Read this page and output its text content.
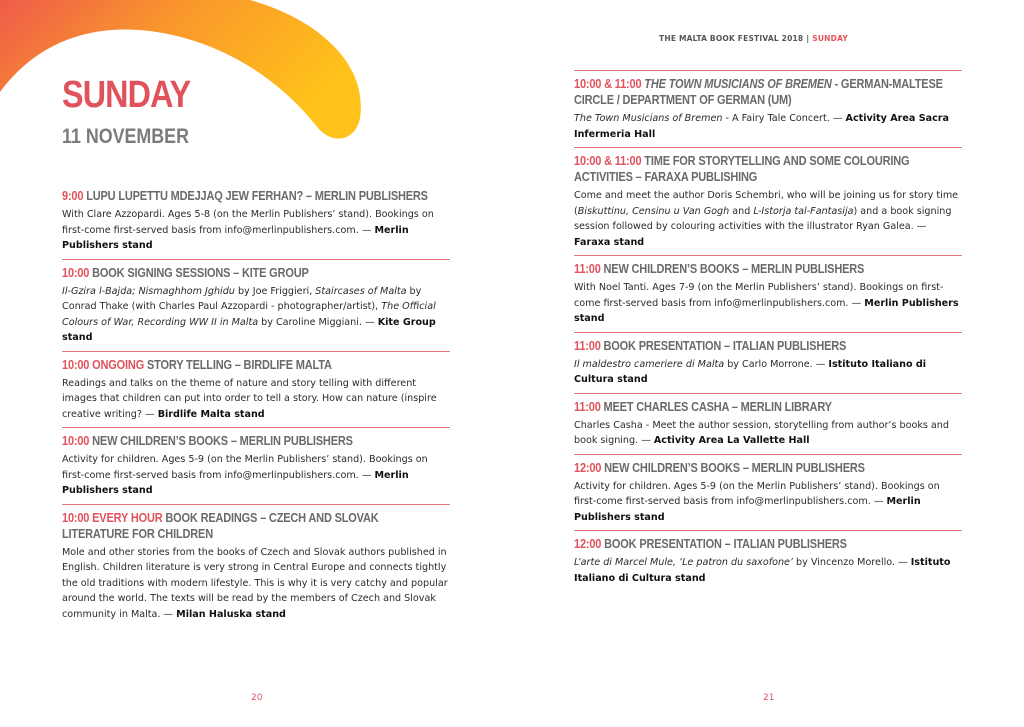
SUNDAY
11 NOVEMBER
9:00 LUPU LUPETTU MDEJJAQ JEW FERHAN? – MERLIN PUBLISHERS
With Clare Azzopardi. Ages 5-8 (on the Merlin Publishers’ stand). Bookings on first-come first-served basis from info@merlinpublishers.com. — Merlin Publishers stand
10:00 BOOK SIGNING SESSIONS – KITE GROUP
Il-Gzira l-Bajda; Nismaghhom Jghidu by Joe Friggieri, Staircases of Malta by Conrad Thake (with Charles Paul Azzopardi - photographer/artist), The Official Colours of War, Recording WW II in Malta by Caroline Miggiani. — Kite Group stand
10:00 ONGOING STORY TELLING – BIRDLIFE MALTA
Readings and talks on the theme of nature and story telling with different images that children can put into order to tell a story. How can nature (inspire creative writing? — Birdlife Malta stand
10:00 NEW CHILDREN’S BOOKS – MERLIN PUBLISHERS
Activity for children. Ages 5-9 (on the Merlin Publishers’ stand). Bookings on first-come first-served basis from info@merlinpublishers.com. — Merlin Publishers stand
10:00 EVERY HOUR BOOK READINGS – CZECH AND SLOVAK LITERATURE FOR CHILDREN
Mole and other stories from the books of Czech and Slovak authors published in English. Children literature is very strong in Central Europe and connects tightly the old traditions with modern lifestyle. This is why it is very catchy and popular around the world. The texts will be read by the members of Czech and Slovak community in Malta. — Milan Haluska stand
20
THE MALTA BOOK FESTIVAL 2018 | SUNDAY
10:00 & 11:00 THE TOWN MUSICIANS OF BREMEN - GERMAN-MALTESE CIRCLE / DEPARTMENT OF GERMAN (UM)
The Town Musicians of Bremen - A Fairy Tale Concert. — Activity Area Sacra Infermeria Hall
10:00 & 11:00 TIME FOR STORYTELLING AND SOME COLOURING ACTIVITIES – FARAXA PUBLISHING
Come and meet the author Doris Schembri, who will be joining us for story time (Biskuttinu, Censinu u Van Gogh and L-Istorja tal-Fantasija) and a book signing session followed by colouring activities with the illustrator Ryan Galea. — Faraxa stand
11:00 NEW CHILDREN’S BOOKS – MERLIN PUBLISHERS
With Noel Tanti. Ages 7-9 (on the Merlin Publishers’ stand). Bookings on first-come first-served basis from info@merlinpublishers.com. — Merlin Publishers stand
11:00 BOOK PRESENTATION – ITALIAN PUBLISHERS
Il maldestro cameriere di Malta by Carlo Morrone. — Istituto Italiano di Cultura stand
11:00 MEET CHARLES CASHA – MERLIN LIBRARY
Charles Casha - Meet the author session, storytelling from author’s books and book signing. — Activity Area La Vallette Hall
12:00 NEW CHILDREN’S BOOKS – MERLIN PUBLISHERS
Activity for children. Ages 5-9 (on the Merlin Publishers’ stand). Bookings on first-come first-served basis from info@merlinpublishers.com. — Merlin Publishers stand
12:00 BOOK PRESENTATION – ITALIAN PUBLISHERS
L’arte di Marcel Mule, ‘Le patron du saxofone’ by Vincenzo Morello. — Istituto Italiano di Cultura stand
21
